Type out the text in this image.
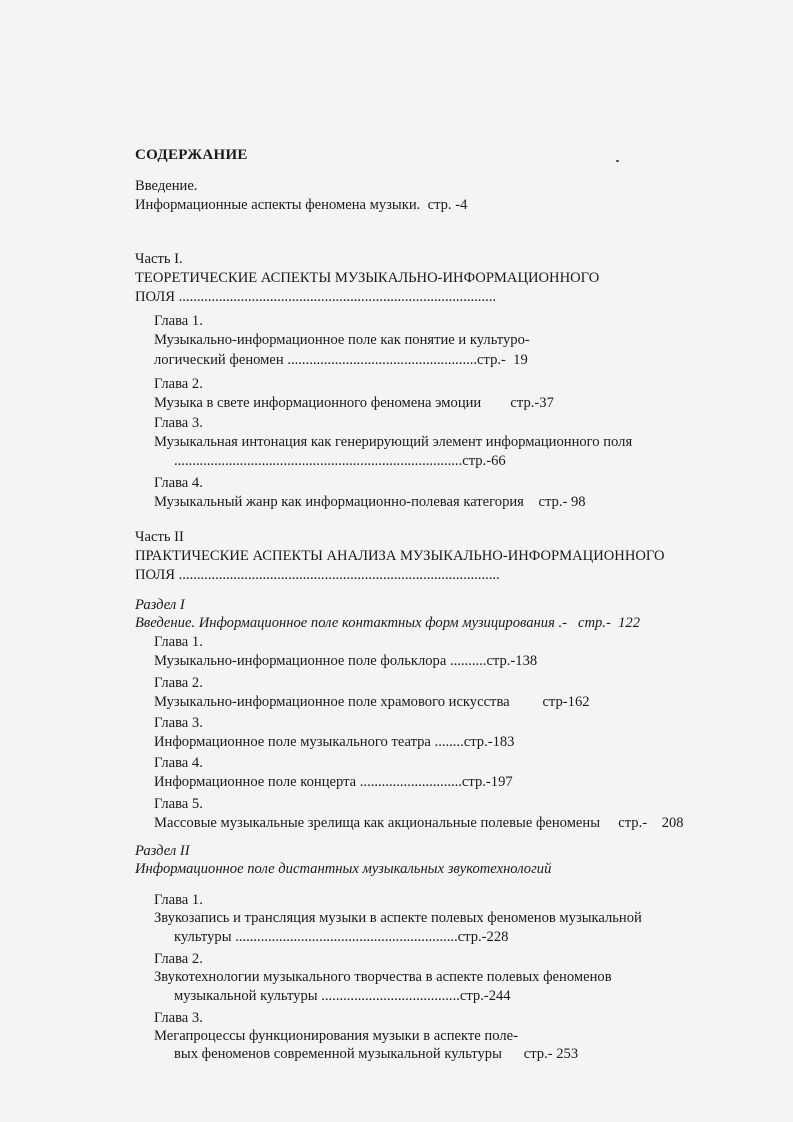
СОДЕРЖАНИЕ
Введение.
Информационные аспекты феномена музыки.  стр. -4
Часть I.
ТЕОРЕТИЧЕСКИЕ АСПЕКТЫ МУЗЫКАЛЬНО-ИНФОРМАЦИОННОГО
ПОЛЯ .......................................................................................
Глава 1.
Музыкально-информационное поле как понятие и культуро-
логический феномен ....................................................стр.-  19
Глава 2.
Музыка в свете информационного феномена эмоции        стр.-37
Глава 3.
Музыкальная интонация как генерирующий элемент информационного поля
...............................................................................стр.-66
Глава 4.
Музыкальный жанр как информационно-полевая категория    стр.- 98
Часть II
ПРАКТИЧЕСКИЕ АСПЕКТЫ АНАЛИЗА МУЗЫКАЛЬНО-ИНФОРМАЦИОННОГО
ПОЛЯ ........................................................................................
Раздел I
Введение. Информационное поле контактных форм музицирования .-   стр.-  122
Глава 1.
Музыкально-информационное поле фольклора ..........стр.-138
Глава 2.
Музыкально-информационное поле храмового искусства         стр-162
Глава 3.
Информационное поле музыкального театра ........стр.-183
Глава 4.
Информационное поле концерта ............................стр.-197
Глава 5.
Массовые музыкальные зрелища как акциональные полевые феномены     стр.-    208
Раздел II
Информационное поле дистантных музыкальных звукотехнологий
Глава 1.
Звукозапись и трансляция музыки в аспекте полевых феноменов музыкальной
культуры .............................................................стр.-228
Глава 2.
Звукотехнологии музыкального творчества в аспекте полевых феноменов
музыкальной культуры ......................................стр.-244
Глава 3.
Мегапроцессы функционирования музыки в аспекте поле-
вых феноменов современной музыкальной культуры      стр.- 253
